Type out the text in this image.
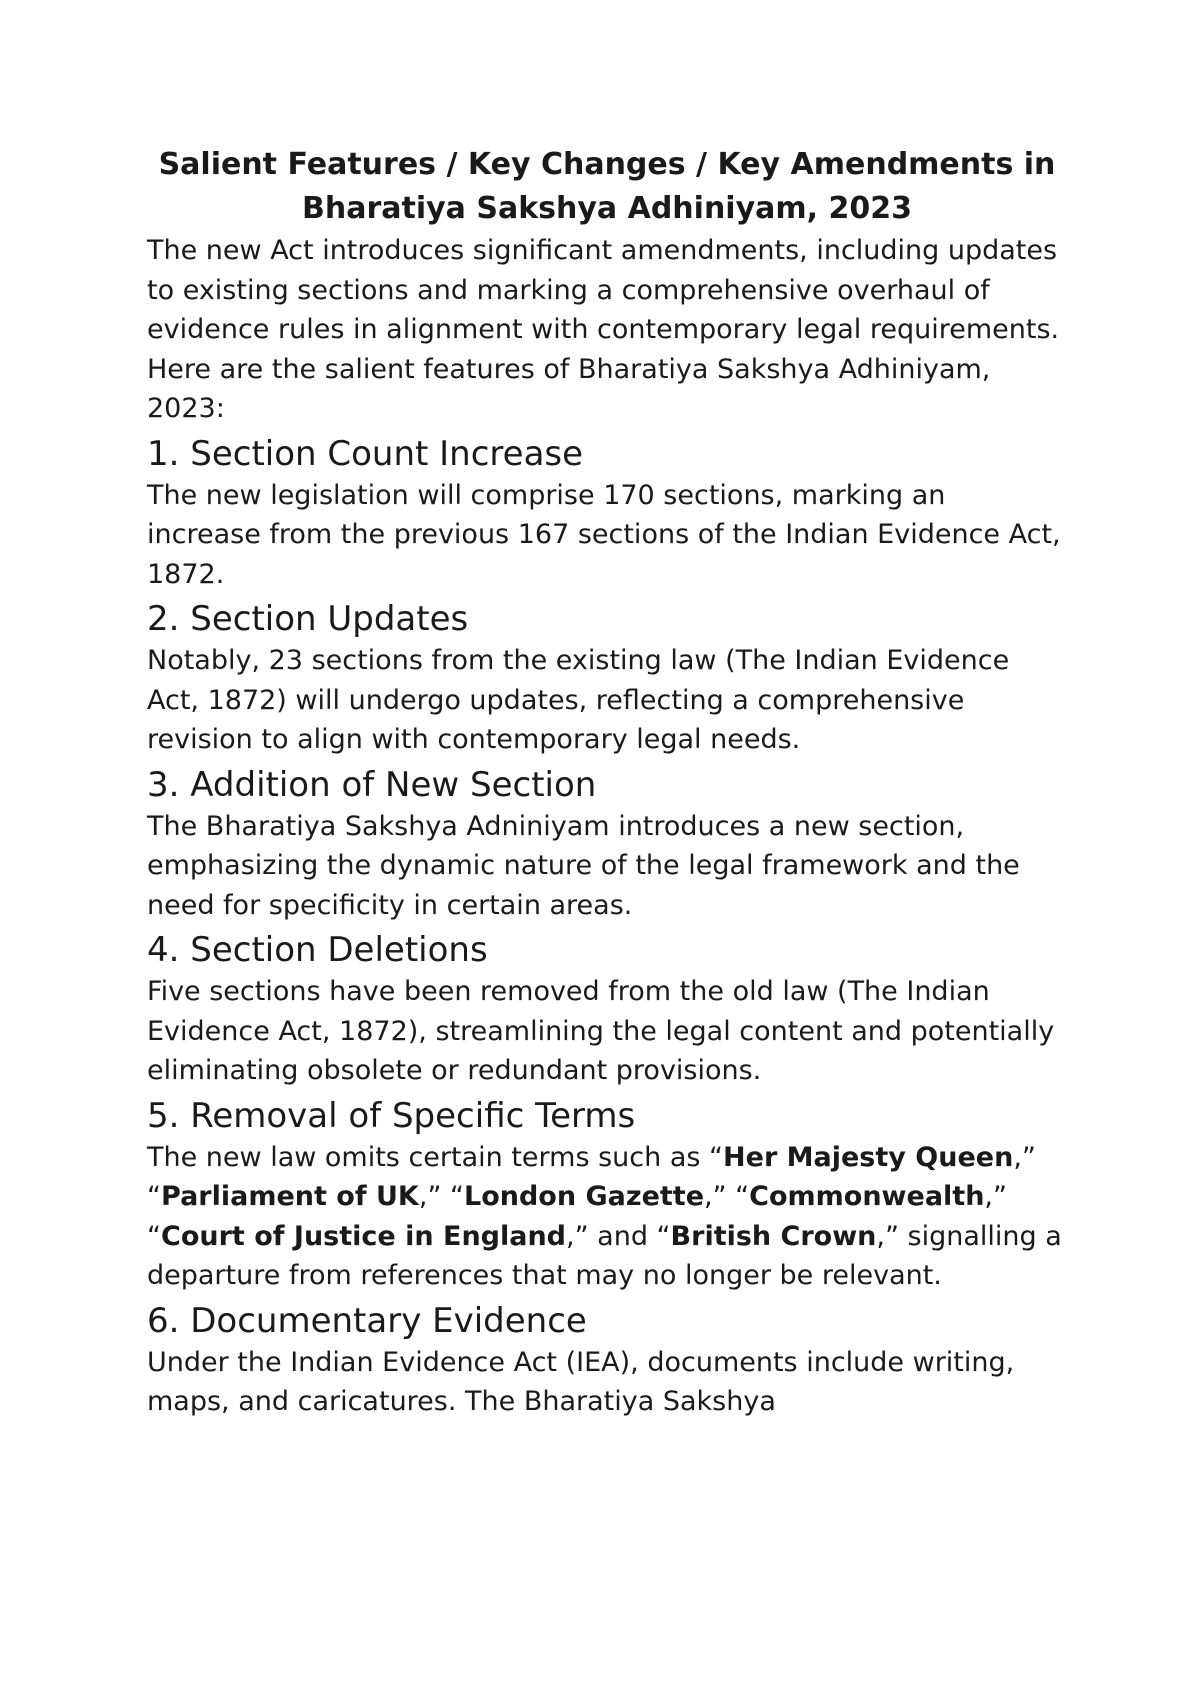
Salient Features / Key Changes / Key Amendments in Bharatiya Sakshya Adhiniyam, 2023

The new Act introduces significant amendments, including updates to existing sections and marking a comprehensive overhaul of evidence rules in alignment with contemporary legal requirements. Here are the salient features of Bharatiya Sakshya Adhiniyam, 2023:

1. Section Count Increase

The new legislation will comprise 170 sections, marking an increase from the previous 167 sections of the Indian Evidence Act, 1872.

2. Section Updates

Notably, 23 sections from the existing law (The Indian Evidence Act, 1872) will undergo updates, reflecting a comprehensive revision to align with contemporary legal needs.

3. Addition of New Section

The Bharatiya Sakshya Adniniyam introduces a new section, emphasizing the dynamic nature of the legal framework and the need for specificity in certain areas.

4. Section Deletions

Five sections have been removed from the old law (The Indian Evidence Act, 1872), streamlining the legal content and potentially eliminating obsolete or redundant provisions.

5. Removal of Specific Terms

The new law omits certain terms such as “Her Majesty Queen,” “Parliament of UK,” “London Gazette,” “Commonwealth,” “Court of Justice in England,” and “British Crown,” signalling a departure from references that may no longer be relevant.

6. Documentary Evidence

Under the Indian Evidence Act (IEA), documents include writing, maps, and caricatures. The Bharatiya Sakshya
